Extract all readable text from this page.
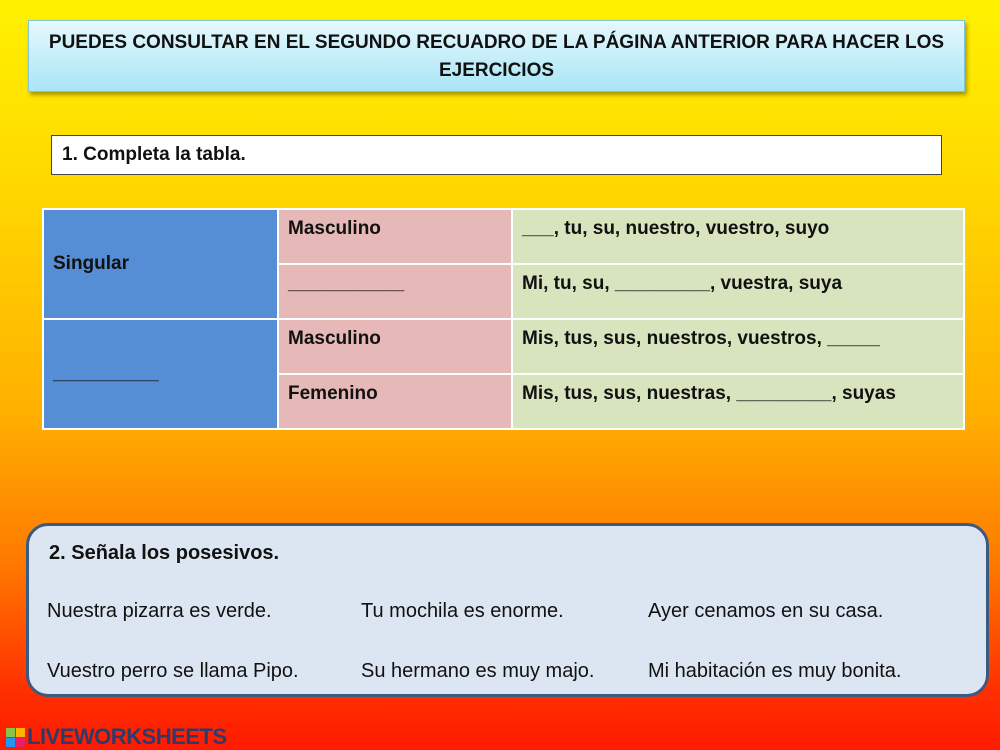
PUEDES CONSULTAR EN EL SEGUNDO RECUADRO DE LA PÁGINA ANTERIOR PARA HACER LOS EJERCICIOS
1. Completa la tabla.
Singular	Masculino	___, tu, su, nuestro, vuestro, suyo
	___________	Mi, tu, su, _________, vuestra, suya
__________	Masculino	Mis, tus, sus, nuestros, vuestros, _____
	Femenino	Mis, tus, sus, nuestras, _________, suyas
2. Señala los posesivos.
Nuestra pizarra es verde.	Tu mochila es enorme.	Ayer cenamos en su casa.
Vuestro perro se llama Pipo.	Su hermano es muy majo.	Mi habitación es muy bonita.
LIVEWORKSHEETS
